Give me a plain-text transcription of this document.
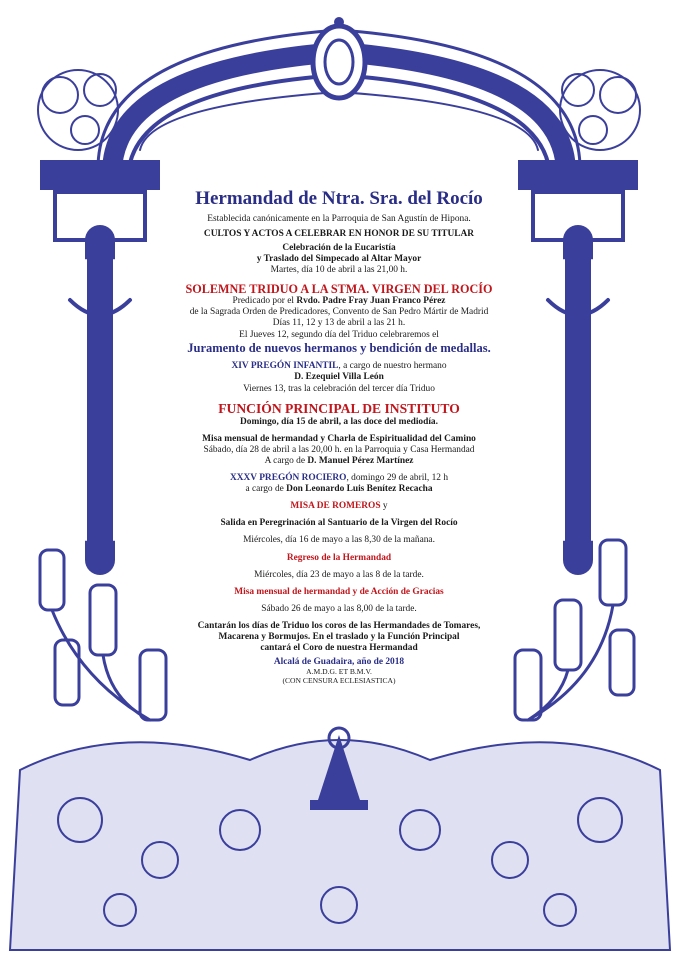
Hermandad de Ntra. Sra. del Rocío
Establecida canónicamente en la Parroquia de San Agustín de Hipona.
CULTOS Y ACTOS A CELEBRAR EN HONOR DE SU TITULAR
Celebración de la Eucaristía
y Traslado del Simpecado al Altar Mayor
Martes, día 10 de abril a las 21,00 h.
SOLEMNE TRIDUO A LA STMA. VIRGEN DEL ROCÍO
Predicado por el Rvdo. Padre Fray Juan Franco Pérez
de la Sagrada Orden de Predicadores, Convento de San Pedro Mártir de Madrid
Días 11, 12 y 13 de abril a las 21 h.
El Jueves 12, segundo día del Triduo celebraremos el
Juramento de nuevos hermanos y bendición de medallas.
XIV PREGÓN INFANTIL, a cargo de nuestro hermano
D. Ezequiel Villa León
Viernes 13, tras la celebración del tercer día Triduo
FUNCIÓN PRINCIPAL DE INSTITUTO
Domingo, día 15 de abril, a las doce del mediodía.
Misa mensual de hermandad y Charla de Espiritualidad del Camino
Sábado, día 28 de abril a las 20,00 h. en la Parroquia y Casa Hermandad
A cargo de D. Manuel Pérez Martínez
XXXV PREGÓN ROCIERO, domingo 29 de abril, 12 h
a cargo de Don Leonardo Luis Benítez Recacha
MISA DE ROMEROS y
Salida en Peregrinación al Santuario de la Virgen del Rocío
Miércoles, día 16 de mayo a las 8,30 de la mañana.
Regreso de la Hermandad
Miércoles, día 23 de mayo a las 8 de la tarde.
Misa mensual de hermandad y de Acción de Gracias
Sábado 26 de mayo a las 8,00 de la tarde.
Cantarán los días de Triduo los coros de las Hermandades de Tomares,
Macarena y Bormujos. En el traslado y la Función Principal
cantará el Coro de nuestra Hermandad
Alcalá de Guadaira, año de 2018
A.M.D.G. ET B.M.V.
(CON CENSURA ECLESIASTICA)
